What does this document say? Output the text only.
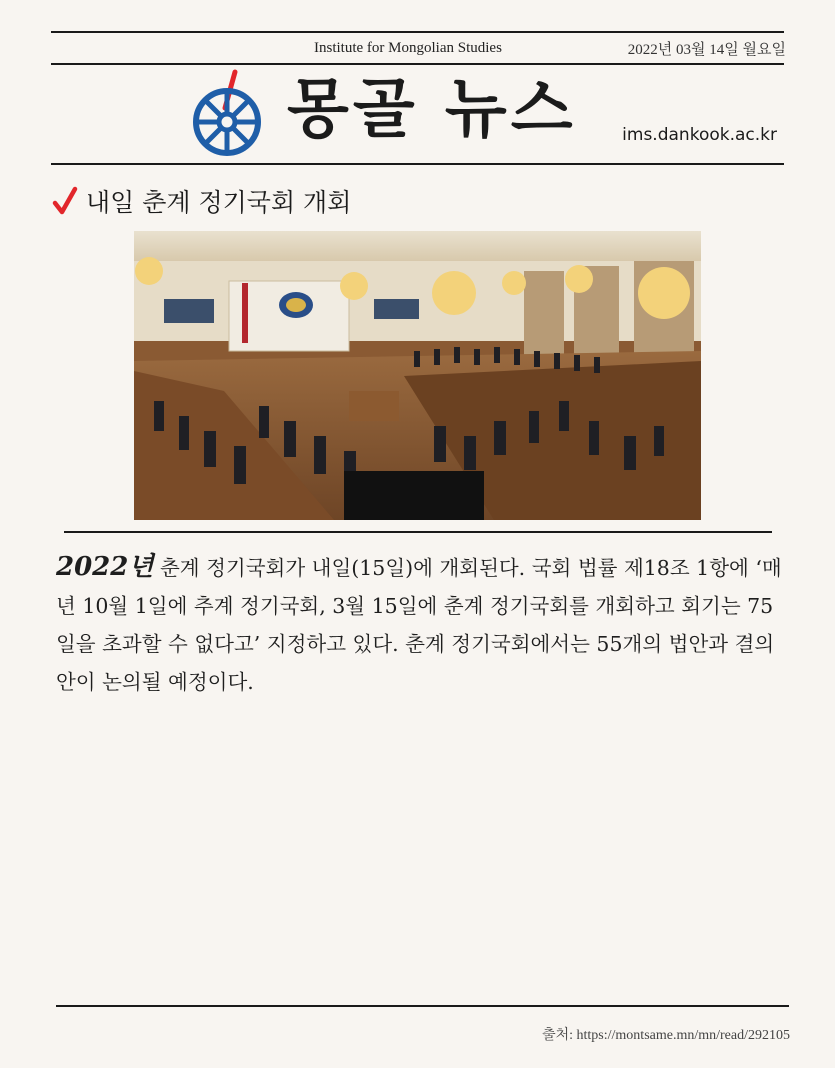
Institute for Mongolian Studies	2022년 03월 14일 월요일
몽골 뉴스	ims.dankook.ac.kr
내일 춘계 정기국회 개회
2022년 춘계 정기국회가 내일(15일)에 개회된다. 국회 법률 제18조 1항에 ‘매년 10월 1일에 추계 정기국회, 3월 15일에 춘계 정기국회를 개회하고 회기는 75일을 초과할 수 없다고’ 지정하고 있다. 춘계 정기국회에서는 55개의 법안과 결의안이 논의될 예정이다.
출처: https://montsame.mn/mn/read/292105
